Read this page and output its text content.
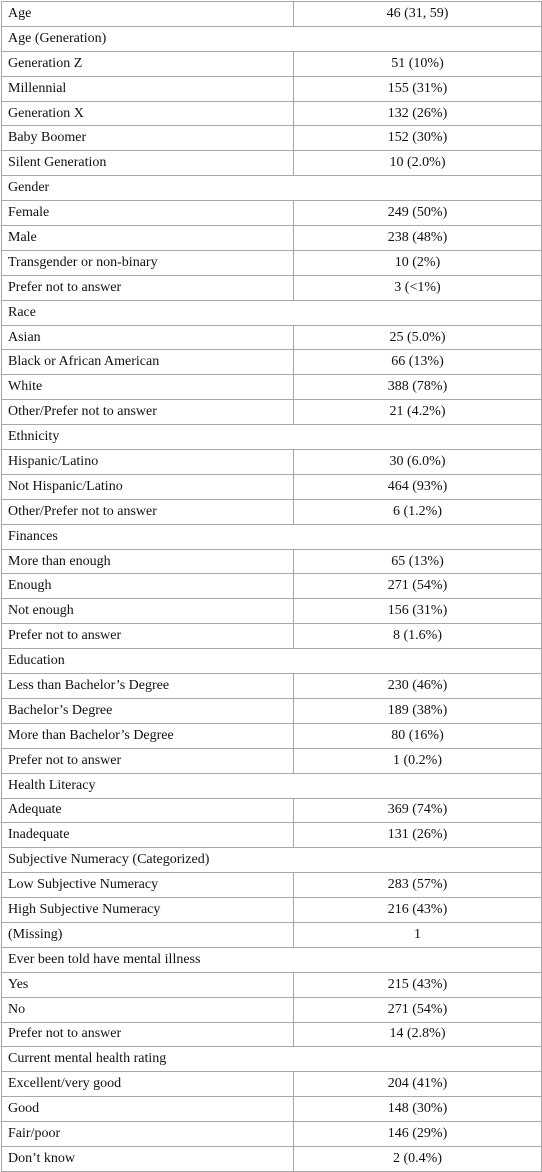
Age	46 (31, 59)
Age (Generation)	
Generation Z	51 (10%)
Millennial	155 (31%)
Generation X	132 (26%)
Baby Boomer	152 (30%)
Silent Generation	10 (2.0%)
Gender	
Female	249 (50%)
Male	238 (48%)
Transgender or non-binary	10 (2%)
Prefer not to answer	3 (<1%)
Race	
Asian	25 (5.0%)
Black or African American	66 (13%)
White	388 (78%)
Other/Prefer not to answer	21 (4.2%)
Ethnicity	
Hispanic/Latino	30 (6.0%)
Not Hispanic/Latino	464 (93%)
Other/Prefer not to answer	6 (1.2%)
Finances	
More than enough	65 (13%)
Enough	271 (54%)
Not enough	156 (31%)
Prefer not to answer	8 (1.6%)
Education	
Less than Bachelor’s Degree	230 (46%)
Bachelor’s Degree	189 (38%)
More than Bachelor’s Degree	80 (16%)
Prefer not to answer	1 (0.2%)
Health Literacy	
Adequate	369 (74%)
Inadequate	131 (26%)
Subjective Numeracy (Categorized)	
Low Subjective Numeracy	283 (57%)
High Subjective Numeracy	216 (43%)
(Missing)	1
Ever been told have mental illness	
Yes	215 (43%)
No	271 (54%)
Prefer not to answer	14 (2.8%)
Current mental health rating	
Excellent/very good	204 (41%)
Good	148 (30%)
Fair/poor	146 (29%)
Don’t know	2 (0.4%)
